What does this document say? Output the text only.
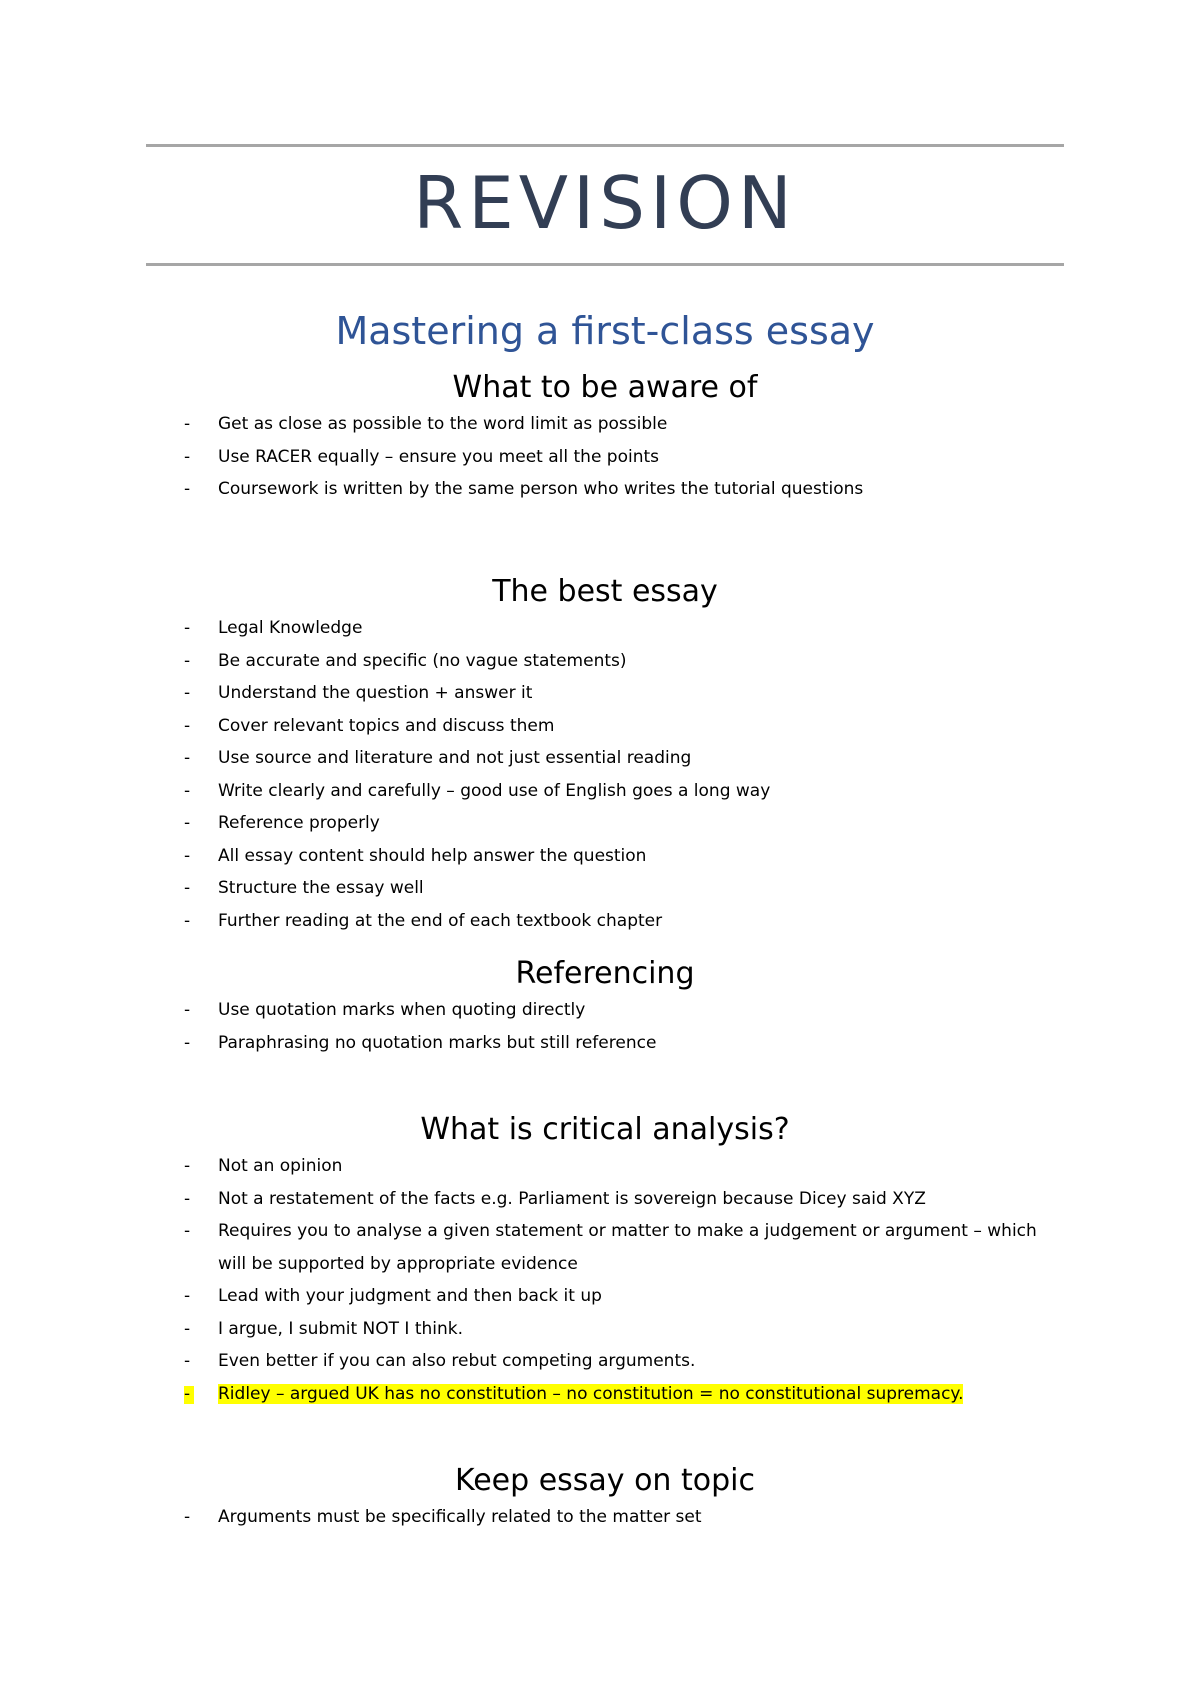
REVISION
Mastering a first-class essay
What to be aware of
- Get as close as possible to the word limit as possible
- Use RACER equally – ensure you meet all the points
- Coursework is written by the same person who writes the tutorial questions
The best essay
- Legal Knowledge
- Be accurate and specific (no vague statements)
- Understand the question + answer it
- Cover relevant topics and discuss them
- Use source and literature and not just essential reading
- Write clearly and carefully – good use of English goes a long way
- Reference properly
- All essay content should help answer the question
- Structure the essay well
- Further reading at the end of each textbook chapter
Referencing
- Use quotation marks when quoting directly
- Paraphrasing no quotation marks but still reference
What is critical analysis?
- Not an opinion
- Not a restatement of the facts e.g. Parliament is sovereign because Dicey said XYZ
- Requires you to analyse a given statement or matter to make a judgement or argument – which will be supported by appropriate evidence
- Lead with your judgment and then back it up
- I argue, I submit NOT I think.
- Even better if you can also rebut competing arguments.
- Ridley – argued UK has no constitution – no constitution = no constitutional supremacy.
Keep essay on topic
- Arguments must be specifically related to the matter set
